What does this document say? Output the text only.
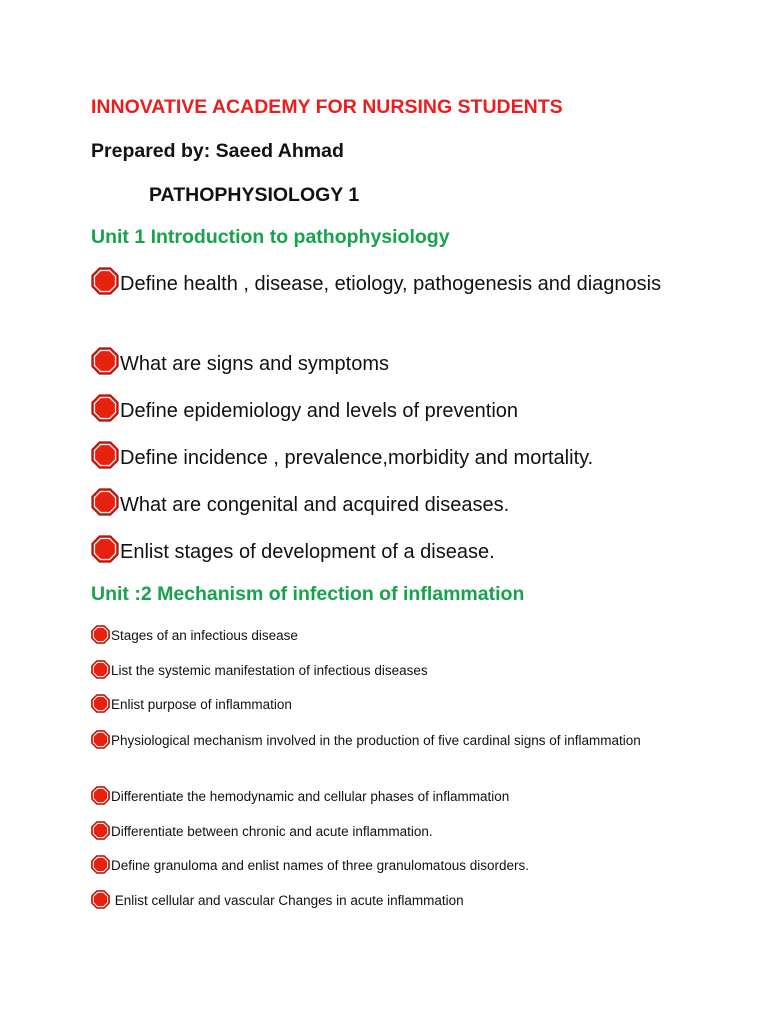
INNOVATIVE ACADEMY FOR NURSING STUDENTS
Prepared by: Saeed Ahmad
PATHOPHYSIOLOGY 1
Unit 1 Introduction to pathophysiology
Define health , disease, etiology, pathogenesis and diagnosis
What are signs and symptoms
Define epidemiology and levels of prevention
Define incidence , prevalence,morbidity and mortality.
What are congenital and acquired diseases.
Enlist stages of development of a disease.
Unit :2 Mechanism of infection of inflammation
Stages of an infectious disease
List the systemic manifestation of infectious diseases
Enlist purpose of inflammation
Physiological mechanism involved in the production of five cardinal signs of inflammation
Differentiate the hemodynamic and cellular phases of inflammation
Differentiate between chronic and acute inflammation.
Define granuloma and enlist names of three granulomatous disorders.
Enlist cellular and vascular Changes in acute inflammation
